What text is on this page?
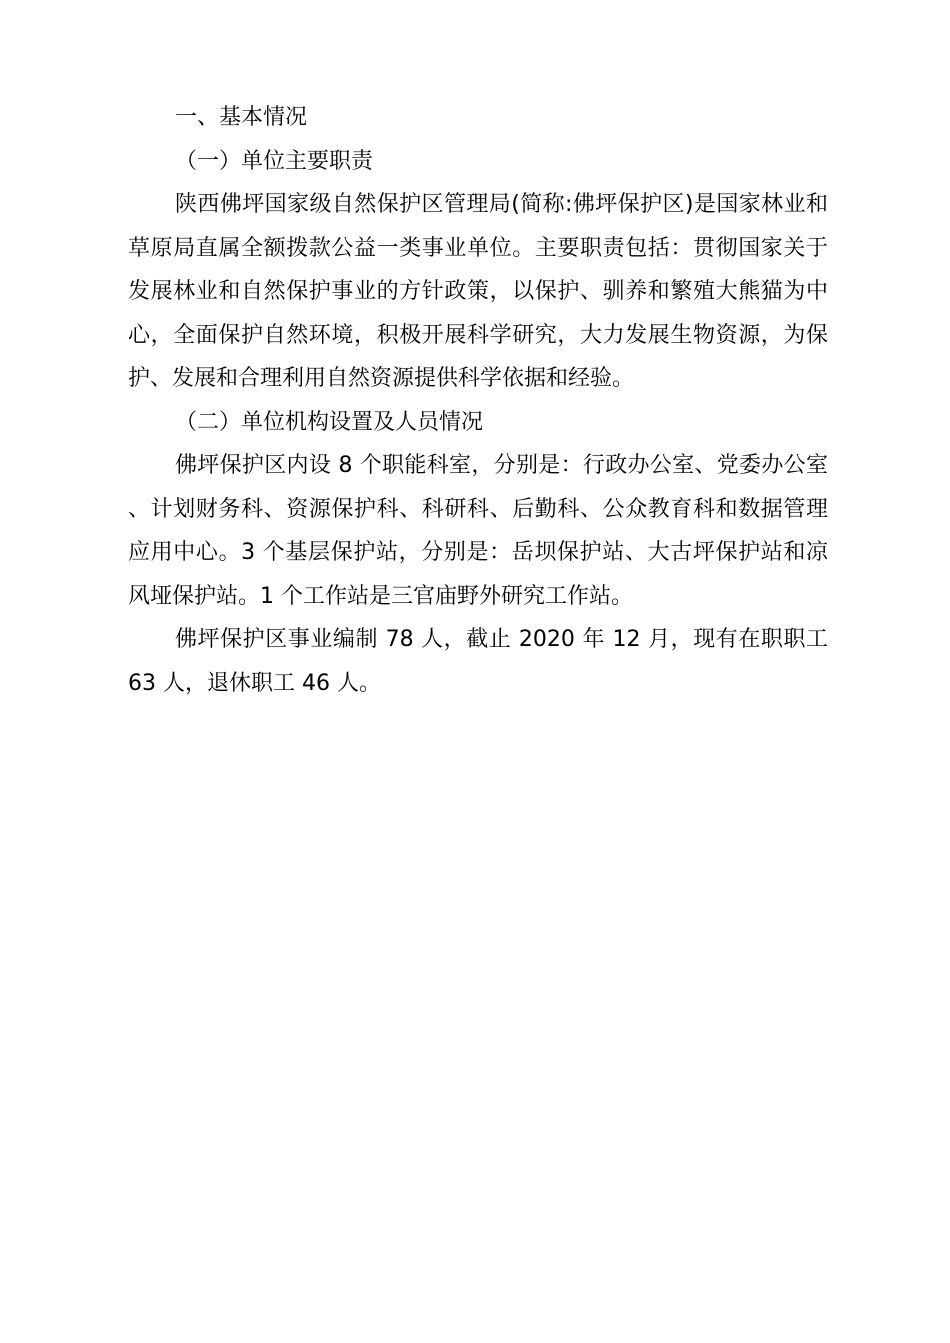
一、基本情况
（一）单位主要职责

陕西佛坪国家级自然保护区管理局(简称:佛坪保护区)是国家林业和草原局直属全额拨款公益一类事业单位。主要职责包括：贯彻国家关于发展林业和自然保护事业的方针政策，以保护、驯养和繁殖大熊猫为中心，全面保护自然环境，积极开展科学研究，大力发展生物资源，为保护、发展和合理利用自然资源提供科学依据和经验。

（二）单位机构设置及人员情况

佛坪保护区内设 8 个职能科室，分别是：行政办公室、党委办公室、计划财务科、资源保护科、科研科、后勤科、公众教育科和数据管理应用中心。3 个基层保护站，分别是：岳坝保护站、大古坪保护站和凉风垭保护站。1 个工作站是三官庙野外研究工作站。

佛坪保护区事业编制 78 人，截止 2020 年 12 月，现有在职职工 63 人，退休职工 46 人。
